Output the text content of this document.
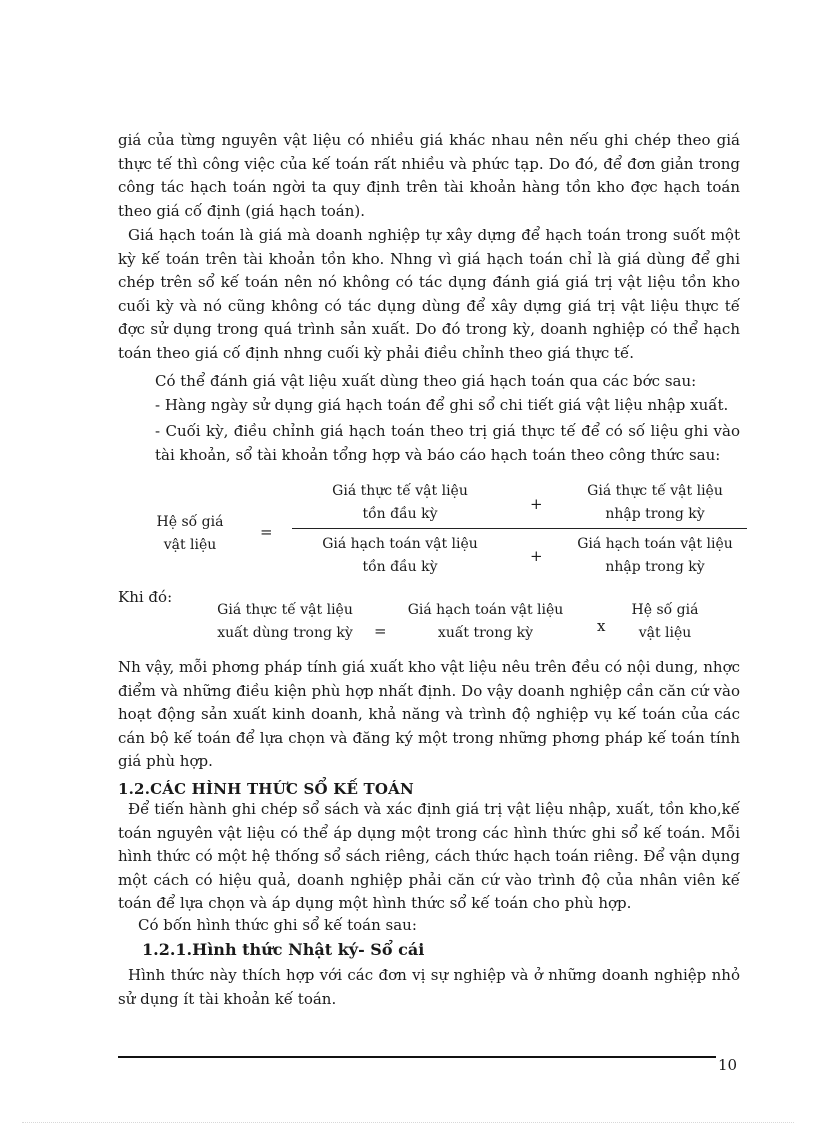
giá của từng nguyên vật liệu có nhiều giá khác nhau nên nếu ghi chép theo giá thực tế thì công việc của kế toán rất nhiều và phức tạp. Do đó, để đơn giản trong công tác hạch toán ngời ta quy định trên tài khoản hàng tồn kho đợc hạch toán theo giá cố định (giá hạch toán).

Giá hạch toán là giá mà doanh nghiệp tự xây dựng để hạch toán trong suốt một kỳ kế toán trên tài khoản tồn kho. Nhng vì giá hạch toán chỉ là giá dùng để ghi chép trên sổ kế toán nên nó không có tác dụng đánh giá giá trị vật liệu tồn kho cuối kỳ và nó cũng không có tác dụng dùng để xây dựng giá trị vật liệu thực tế đợc sử dụng trong quá trình sản xuất. Do đó trong kỳ, doanh nghiệp có thể hạch toán theo giá cố định nhng cuối kỳ phải điều chỉnh theo giá thực tế.

Có thể đánh giá vật liệu xuất dùng theo giá hạch toán qua các bớc sau:
- Hàng ngày sử dụng giá hạch toán để ghi sổ chi tiết giá vật liệu nhập xuất.

- Cuối kỳ, điều chỉnh giá hạch toán theo trị giá thực tế để có số liệu ghi vào tài khoản, sổ tài khoản tổng hợp và báo cáo hạch toán theo công thức sau:

Hệ số giá
vật liệu
=
Giá thực tế vật liệu
tồn đầu kỳ
+
Giá thực tế vật liệu
nhập trong kỳ
Giá hạch toán vật liệu
tồn đầu kỳ
+
Giá hạch toán vật liệu
nhập trong kỳ
Khi đó:
Giá thực tế vật liệu
xuất dùng trong kỳ	=
Giá hạch toán vật liệu
xuất trong kỳ	x
Hệ số giá
vật liệu

Nh vậy, mỗi phơng pháp tính giá xuất kho vật liệu nêu trên đều có nội dung, nhợc điểm và những điều kiện phù hợp nhất định. Do vậy doanh nghiệp cần căn cứ vào hoạt động sản xuất kinh doanh, khả năng và trình độ nghiệp vụ kế toán của các cán bộ kế toán để lựa chọn và đăng ký một trong những phơng pháp kế toán tính giá phù hợp.

1.2.CÁC HÌNH THỨC SỔ KẾ TOÁN

Để tiến hành ghi chép sổ sách và xác định giá trị vật liệu nhập, xuất, tồn kho,kế toán nguyên vật liệu có thể áp dụng một trong các hình thức ghi sổ kế toán. Mỗi hình thức có một hệ thống sổ sách riêng, cách thức hạch toán riêng. Để vận dụng một cách có hiệu quả, doanh nghiệp phải căn cứ vào trình độ của nhân viên kế toán để lựa chọn và áp dụng một hình thức sổ kế toán cho phù hợp.

Có bốn hình thức ghi sổ kế toán sau:
1.2.1.Hình thức Nhật ký- Sổ cái

Hình thức này thích hợp với các đơn vị sự nghiệp và ở những doanh nghiệp nhỏ sử dụng ít tài khoản kế toán.

10
